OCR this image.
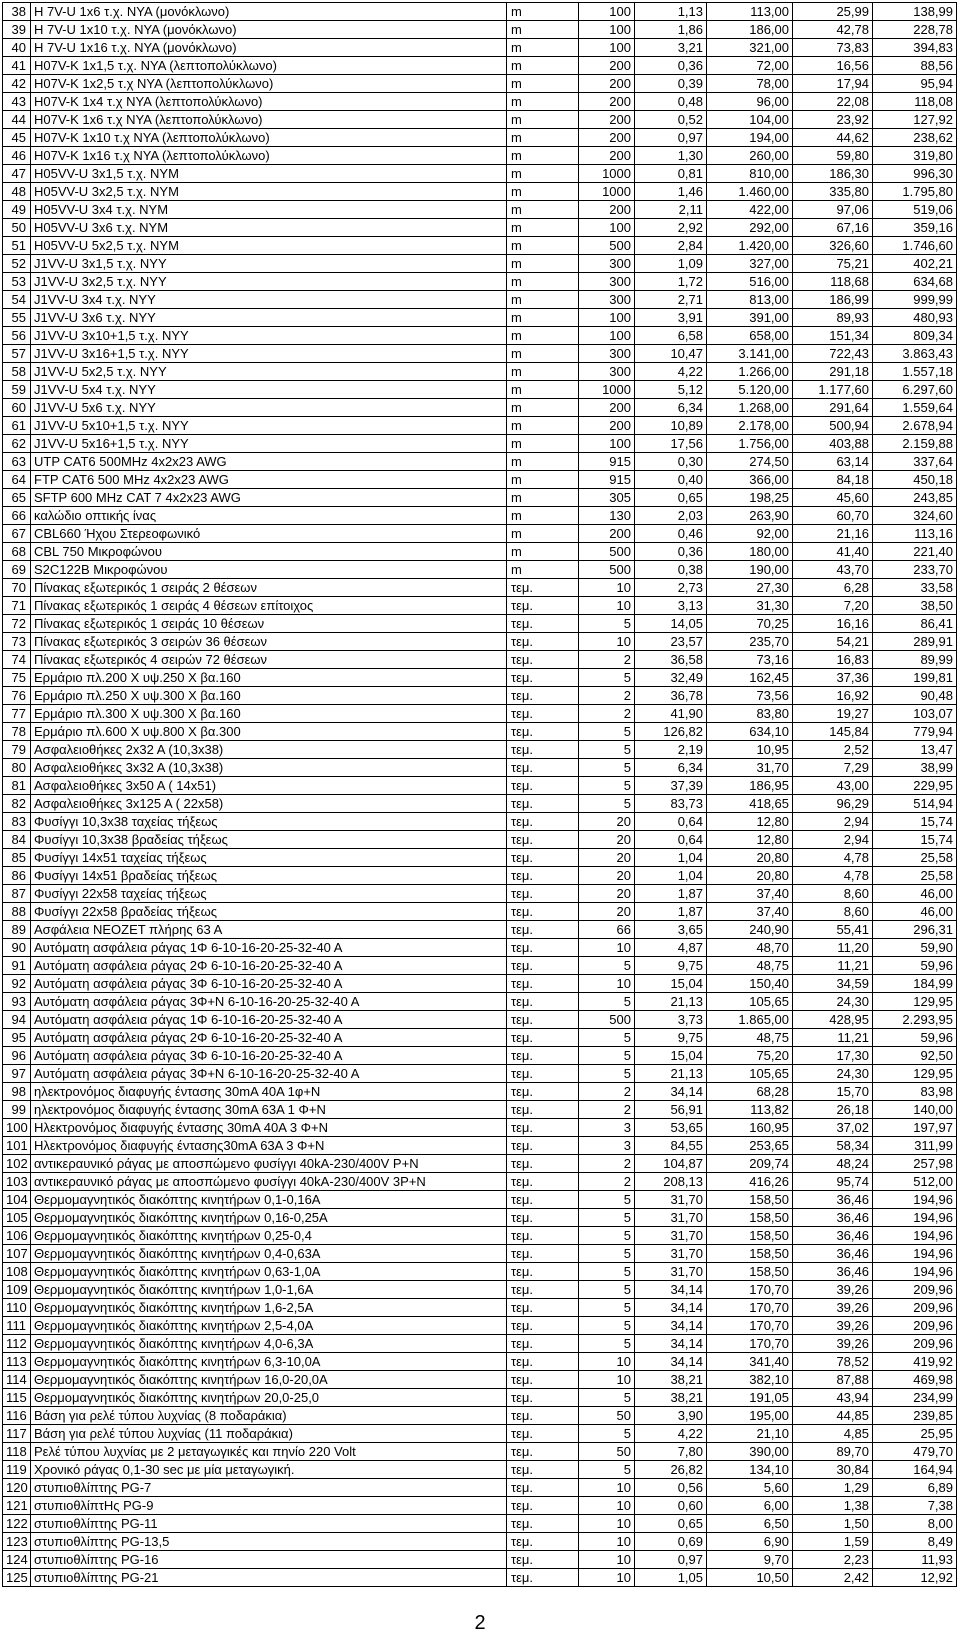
38	H 7V-U 1x6 τ.χ. NYA (μονόκλωνο)	m	100	1,13	113,00	25,99	138,99
39	H 7V-U 1x10 τ.χ. NYA (μονόκλωνο)	m	100	1,86	186,00	42,78	228,78
40	H 7V-U 1x16 τ.χ. NYA (μονόκλωνο)	m	100	3,21	321,00	73,83	394,83
41	H07V-K 1x1,5 τ.χ. NYA (λεπτοπολύκλωνο)	m	200	0,36	72,00	16,56	88,56
42	H07V-K 1x2,5 τ.χ NYA (λεπτοπολύκλωνο)	m	200	0,39	78,00	17,94	95,94
43	H07V-K 1x4 τ.χ NYA (λεπτοπολύκλωνο)	m	200	0,48	96,00	22,08	118,08
44	H07V-K 1x6 τ.χ NYA (λεπτοπολύκλωνο)	m	200	0,52	104,00	23,92	127,92
45	H07V-K 1x10 τ.χ NYA (λεπτοπολύκλωνο)	m	200	0,97	194,00	44,62	238,62
46	H07V-K 1x16 τ.χ NYA (λεπτοπολύκλωνο)	m	200	1,30	260,00	59,80	319,80
47	H05VV-U 3x1,5 τ.χ. NYM	m	1000	0,81	810,00	186,30	996,30
48	H05VV-U 3x2,5 τ.χ. NYM	m	1000	1,46	1.460,00	335,80	1.795,80
49	H05VV-U 3x4 τ.χ. NYM	m	200	2,11	422,00	97,06	519,06
50	H05VV-U 3x6 τ.χ. NYM	m	100	2,92	292,00	67,16	359,16
51	H05VV-U 5x2,5 τ.χ. NYM	m	500	2,84	1.420,00	326,60	1.746,60
52	J1VV-U 3x1,5 τ.χ. NYY	m	300	1,09	327,00	75,21	402,21
53	J1VV-U 3x2,5 τ.χ. NYY	m	300	1,72	516,00	118,68	634,68
54	J1VV-U 3x4 τ.χ. NYY	m	300	2,71	813,00	186,99	999,99
55	J1VV-U 3x6 τ.χ. NYY	m	100	3,91	391,00	89,93	480,93
56	J1VV-U 3x10+1,5 τ.χ. NYY	m	100	6,58	658,00	151,34	809,34
57	J1VV-U 3x16+1,5 τ.χ. NYY	m	300	10,47	3.141,00	722,43	3.863,43
58	J1VV-U 5x2,5 τ.χ. NYY	m	300	4,22	1.266,00	291,18	1.557,18
59	J1VV-U 5x4 τ.χ. NYY	m	1000	5,12	5.120,00	1.177,60	6.297,60
60	J1VV-U 5x6 τ.χ. NYY	m	200	6,34	1.268,00	291,64	1.559,64
61	J1VV-U 5x10+1,5 τ.χ. NYY	m	200	10,89	2.178,00	500,94	2.678,94
62	J1VV-U 5x16+1,5 τ.χ. NYY	m	100	17,56	1.756,00	403,88	2.159,88
63	UTP CAT6 500MHz 4x2x23 AWG	m	915	0,30	274,50	63,14	337,64
64	FTP CAT6 500 MHz 4x2x23 AWG	m	915	0,40	366,00	84,18	450,18
65	SFTP 600 MHz CAT 7 4x2x23 AWG	m	305	0,65	198,25	45,60	243,85
66	καλώδιο οπτικής ίνας	m	130	2,03	263,90	60,70	324,60
67	CBL660 Ήχου Στερεοφωνικό	m	200	0,46	92,00	21,16	113,16
68	CBL 750 Μικροφώνου	m	500	0,36	180,00	41,40	221,40
69	S2C122B Μικροφώνου	m	500	0,38	190,00	43,70	233,70
70	Πίνακας εξωτερικός 1 σειράς 2 θέσεων	τεμ.	10	2,73	27,30	6,28	33,58
71	Πίνακας εξωτερικός 1 σειράς 4 θέσεων επίτοιχος	τεμ.	10	3,13	31,30	7,20	38,50
72	Πίνακας εξωτερικός 1 σειράς 10 θέσεων	τεμ.	5	14,05	70,25	16,16	86,41
73	Πίνακας εξωτερικός 3 σειρών 36 θέσεων	τεμ.	10	23,57	235,70	54,21	289,91
74	Πίνακας εξωτερικός 4 σειρών 72 θέσεων	τεμ.	2	36,58	73,16	16,83	89,99
75	Ερμάριο πλ.200 Χ υψ.250 Χ βα.160	τεμ.	5	32,49	162,45	37,36	199,81
76	Ερμάριο πλ.250 Χ υψ.300 Χ βα.160	τεμ.	2	36,78	73,56	16,92	90,48
77	Ερμάριο πλ.300 Χ υψ.300 Χ βα.160	τεμ.	2	41,90	83,80	19,27	103,07
78	Ερμάριο πλ.600 Χ υψ.800 Χ βα.300	τεμ.	5	126,82	634,10	145,84	779,94
79	Ασφαλειοθήκες 2x32 A (10,3x38)	τεμ.	5	2,19	10,95	2,52	13,47
80	Ασφαλειοθήκες 3x32 A (10,3x38)	τεμ.	5	6,34	31,70	7,29	38,99
81	Ασφαλειοθήκες 3x50 A ( 14x51)	τεμ.	5	37,39	186,95	43,00	229,95
82	Ασφαλειοθήκες 3x125 A ( 22x58)	τεμ.	5	83,73	418,65	96,29	514,94
83	Φυσίγγι 10,3x38 ταχείας τήξεως	τεμ.	20	0,64	12,80	2,94	15,74
84	Φυσίγγι 10,3x38 βραδείας τήξεως	τεμ.	20	0,64	12,80	2,94	15,74
85	Φυσίγγι 14x51 ταχείας τήξεως	τεμ.	20	1,04	20,80	4,78	25,58
86	Φυσίγγι 14x51 βραδείας τήξεως	τεμ.	20	1,04	20,80	4,78	25,58
87	Φυσίγγι 22x58 ταχείας τήξεως	τεμ.	20	1,87	37,40	8,60	46,00
88	Φυσίγγι 22x58 βραδείας τήξεως	τεμ.	20	1,87	37,40	8,60	46,00
89	Ασφάλεια ΝΕΟΖΕΤ πλήρης 63 Α	τεμ.	66	3,65	240,90	55,41	296,31
90	Αυτόματη ασφάλεια ράγας 1Φ 6-10-16-20-25-32-40 Α	τεμ.	10	4,87	48,70	11,20	59,90
91	Αυτόματη ασφάλεια ράγας 2Φ 6-10-16-20-25-32-40 Α	τεμ.	5	9,75	48,75	11,21	59,96
92	Αυτόματη ασφάλεια ράγας 3Φ 6-10-16-20-25-32-40 Α	τεμ.	10	15,04	150,40	34,59	184,99
93	Αυτόματη ασφάλεια ράγας 3Φ+Ν 6-10-16-20-25-32-40 Α	τεμ.	5	21,13	105,65	24,30	129,95
94	Αυτόματη ασφάλεια ράγας 1Φ 6-10-16-20-25-32-40 Α	τεμ.	500	3,73	1.865,00	428,95	2.293,95
95	Αυτόματη ασφάλεια ράγας 2Φ 6-10-16-20-25-32-40 Α	τεμ.	5	9,75	48,75	11,21	59,96
96	Αυτόματη ασφάλεια ράγας 3Φ 6-10-16-20-25-32-40 Α	τεμ.	5	15,04	75,20	17,30	92,50
97	Αυτόματη ασφάλεια ράγας 3Φ+Ν 6-10-16-20-25-32-40 Α	τεμ.	5	21,13	105,65	24,30	129,95
98	ηλεκτρονόμος διαφυγής έντασης 30mA 40A 1φ+Ν	τεμ.	2	34,14	68,28	15,70	83,98
99	ηλεκτρονόμος διαφυγής έντασης 30mA 63A 1 Φ+Ν	τεμ.	2	56,91	113,82	26,18	140,00
100	Ηλεκτρονόμος διαφυγής έντασης 30mA 40A 3 Φ+Ν	τεμ.	3	53,65	160,95	37,02	197,97
101	Ηλεκτρονόμος διαφυγής έντασης30mA 63A 3 Φ+Ν	τεμ.	3	84,55	253,65	58,34	311,99
102	αντικεραυνικό ράγας με αποσπώμενο φυσίγγι 40kA-230/400V P+N	τεμ.	2	104,87	209,74	48,24	257,98
103	αντικεραυνικό ράγας με αποσπώμενο φυσίγγι 40kA-230/400V 3P+N	τεμ.	2	208,13	416,26	95,74	512,00
104	Θερμομαγνητικός διακόπτης κινητήρων 0,1-0,16Α	τεμ.	5	31,70	158,50	36,46	194,96
105	Θερμομαγνητικός διακόπτης κινητήρων 0,16-0,25Α	τεμ.	5	31,70	158,50	36,46	194,96
106	Θερμομαγνητικός διακόπτης κινητήρων 0,25-0,4	τεμ.	5	31,70	158,50	36,46	194,96
107	Θερμομαγνητικός διακόπτης κινητήρων 0,4-0,63Α	τεμ.	5	31,70	158,50	36,46	194,96
108	Θερμομαγνητικός διακόπτης κινητήρων 0,63-1,0Α	τεμ.	5	31,70	158,50	36,46	194,96
109	Θερμομαγνητικός διακόπτης κινητήρων 1,0-1,6Α	τεμ.	5	34,14	170,70	39,26	209,96
110	Θερμομαγνητικός διακόπτης κινητήρων 1,6-2,5Α	τεμ.	5	34,14	170,70	39,26	209,96
111	Θερμομαγνητικός διακόπτης κινητήρων 2,5-4,0Α	τεμ.	5	34,14	170,70	39,26	209,96
112	Θερμομαγνητικός διακόπτης κινητήρων 4,0-6,3Α	τεμ.	5	34,14	170,70	39,26	209,96
113	Θερμομαγνητικός διακόπτης κινητήρων 6,3-10,0Α	τεμ.	10	34,14	341,40	78,52	419,92
114	Θερμομαγνητικός διακόπτης κινητήρων 16,0-20,0Α	τεμ.	10	38,21	382,10	87,88	469,98
115	Θερμομαγνητικός διακόπτης κινητήρων 20,0-25,0	τεμ.	5	38,21	191,05	43,94	234,99
116	Βάση για ρελέ τύπου λυχνίας (8 ποδαράκια)	τεμ.	50	3,90	195,00	44,85	239,85
117	Βάση για ρελέ τύπου λυχνίας (11 ποδαράκια)	τεμ.	5	4,22	21,10	4,85	25,95
118	Ρελέ τύπου λυχνίας με 2 μεταγωγικές και πηνίο 220 Volt	τεμ.	50	7,80	390,00	89,70	479,70
119	Χρονικό ράγας 0,1-30 sec με μία μεταγωγική.	τεμ.	5	26,82	134,10	30,84	164,94
120	στυπιοθλίπτης PG-7	τεμ.	10	0,56	5,60	1,29	6,89
121	στυπιοθλίπτΗς PG-9	τεμ.	10	0,60	6,00	1,38	7,38
122	στυπιοθλίπτης PG-11	τεμ.	10	0,65	6,50	1,50	8,00
123	στυπιοθλίπτης PG-13,5	τεμ.	10	0,69	6,90	1,59	8,49
124	στυπιοθλίπτης PG-16	τεμ.	10	0,97	9,70	2,23	11,93
125	στυπιοθλίπτης PG-21	τεμ.	10	1,05	10,50	2,42	12,92
2
